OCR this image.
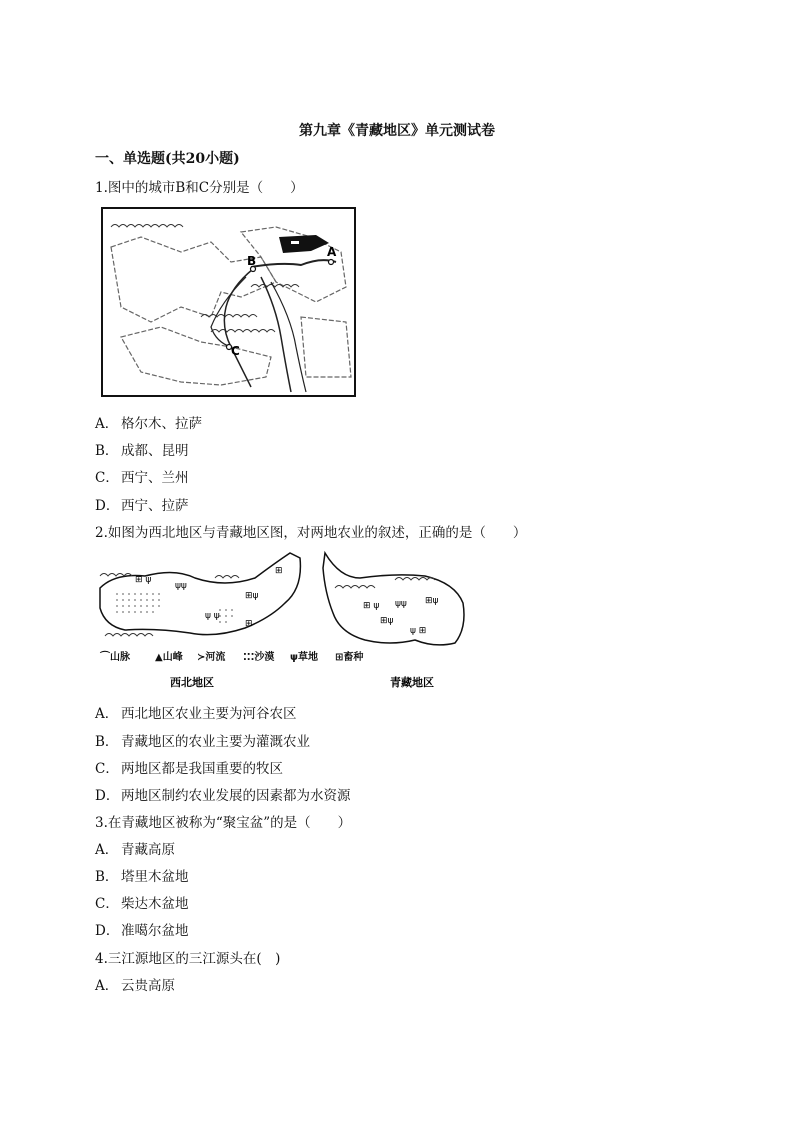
第九章《青藏地区》单元测试卷
一、单选题(共20小题)
1.图中的城市B和C分别是（　　）
B
A
C
A． 格尔木、拉萨
B． 成都、昆明
C． 西宁、兰州
D． 西宁、拉萨
2.如图为西北地区与青藏地区图，对两地农业的叙述，正确的是（　　）
⊞ ψ
ψψ
⊞ψ
⊞
ψ ψ
⊞
⊞ ψ ψψ ⊞ψ
⊞ψ
ψ ⊞
⌒山脉	▲山峰 ≻河流 ⁚⁚⁚沙漠 ψ草地 ⊞畜种
西北地区	青藏地区
A． 西北地区农业主要为河谷农区
B． 青藏地区的农业主要为灌溉农业
C． 两地区都是我国重要的牧区
D． 两地区制约农业发展的因素都为水资源
3.在青藏地区被称为“聚宝盆”的是（　　）
A． 青藏高原
B． 塔里木盆地
C． 柴达木盆地
D． 准噶尔盆地
4.三江源地区的三江源头在(　)
A． 云贵高原
